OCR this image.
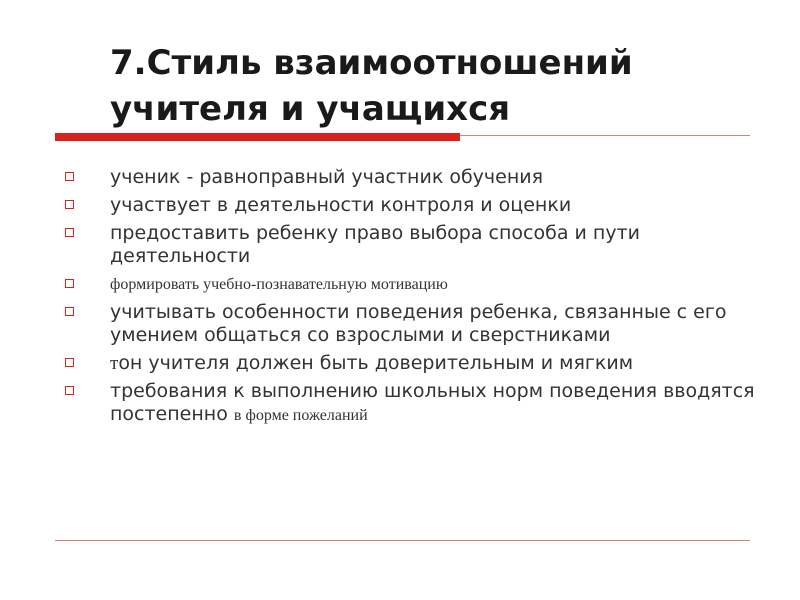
7.Стиль взаимоотношений
учителя и учащихся
ученик - равноправный участник обучения
участвует в деятельности контроля и оценки
предоставить ребенку право выбора способа и пути деятельности
формировать учебно-познавательную мотивацию
учитывать особенности поведения ребенка, связанные с его умением общаться со взрослыми и сверстниками
тон учителя должен быть доверительным и мягким
требования к выполнению школьных норм поведения вводятся постепенно в форме пожеланий
